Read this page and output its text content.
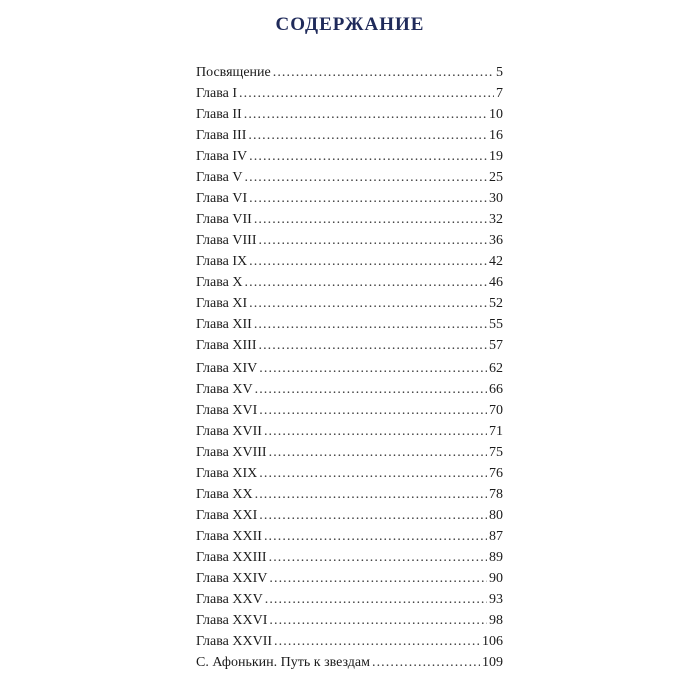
СОДЕРЖАНИЕ
Посвящение . . .	5
Глава I . . .	7
Глава II . . .	10
Глава III . . .	16
Глава IV . . .	19
Глава V . . .	25
Глава VI . . .	30
Глава VII . . .	32
Глава VIII . . .	36
Глава IX . . .	42
Глава X . . .	46
Глава XI . . .	52
Глава XII . . .	55
Глава XIII . . .	57
Глава XIV . . .	62
Глава XV . . .	66
Глава XVI . . .	70
Глава XVII . . .	71
Глава XVIII . . .	75
Глава XIX . . .	76
Глава XX . . .	78
Глава XXI . . .	80
Глава XXII . . .	87
Глава XXIII . . .	89
Глава XXIV . . .	90
Глава XXV . . .	93
Глава XXVI . . .	98
Глава XXVII . . .	106
С. Афонькин. Путь к звездам . . .	109
